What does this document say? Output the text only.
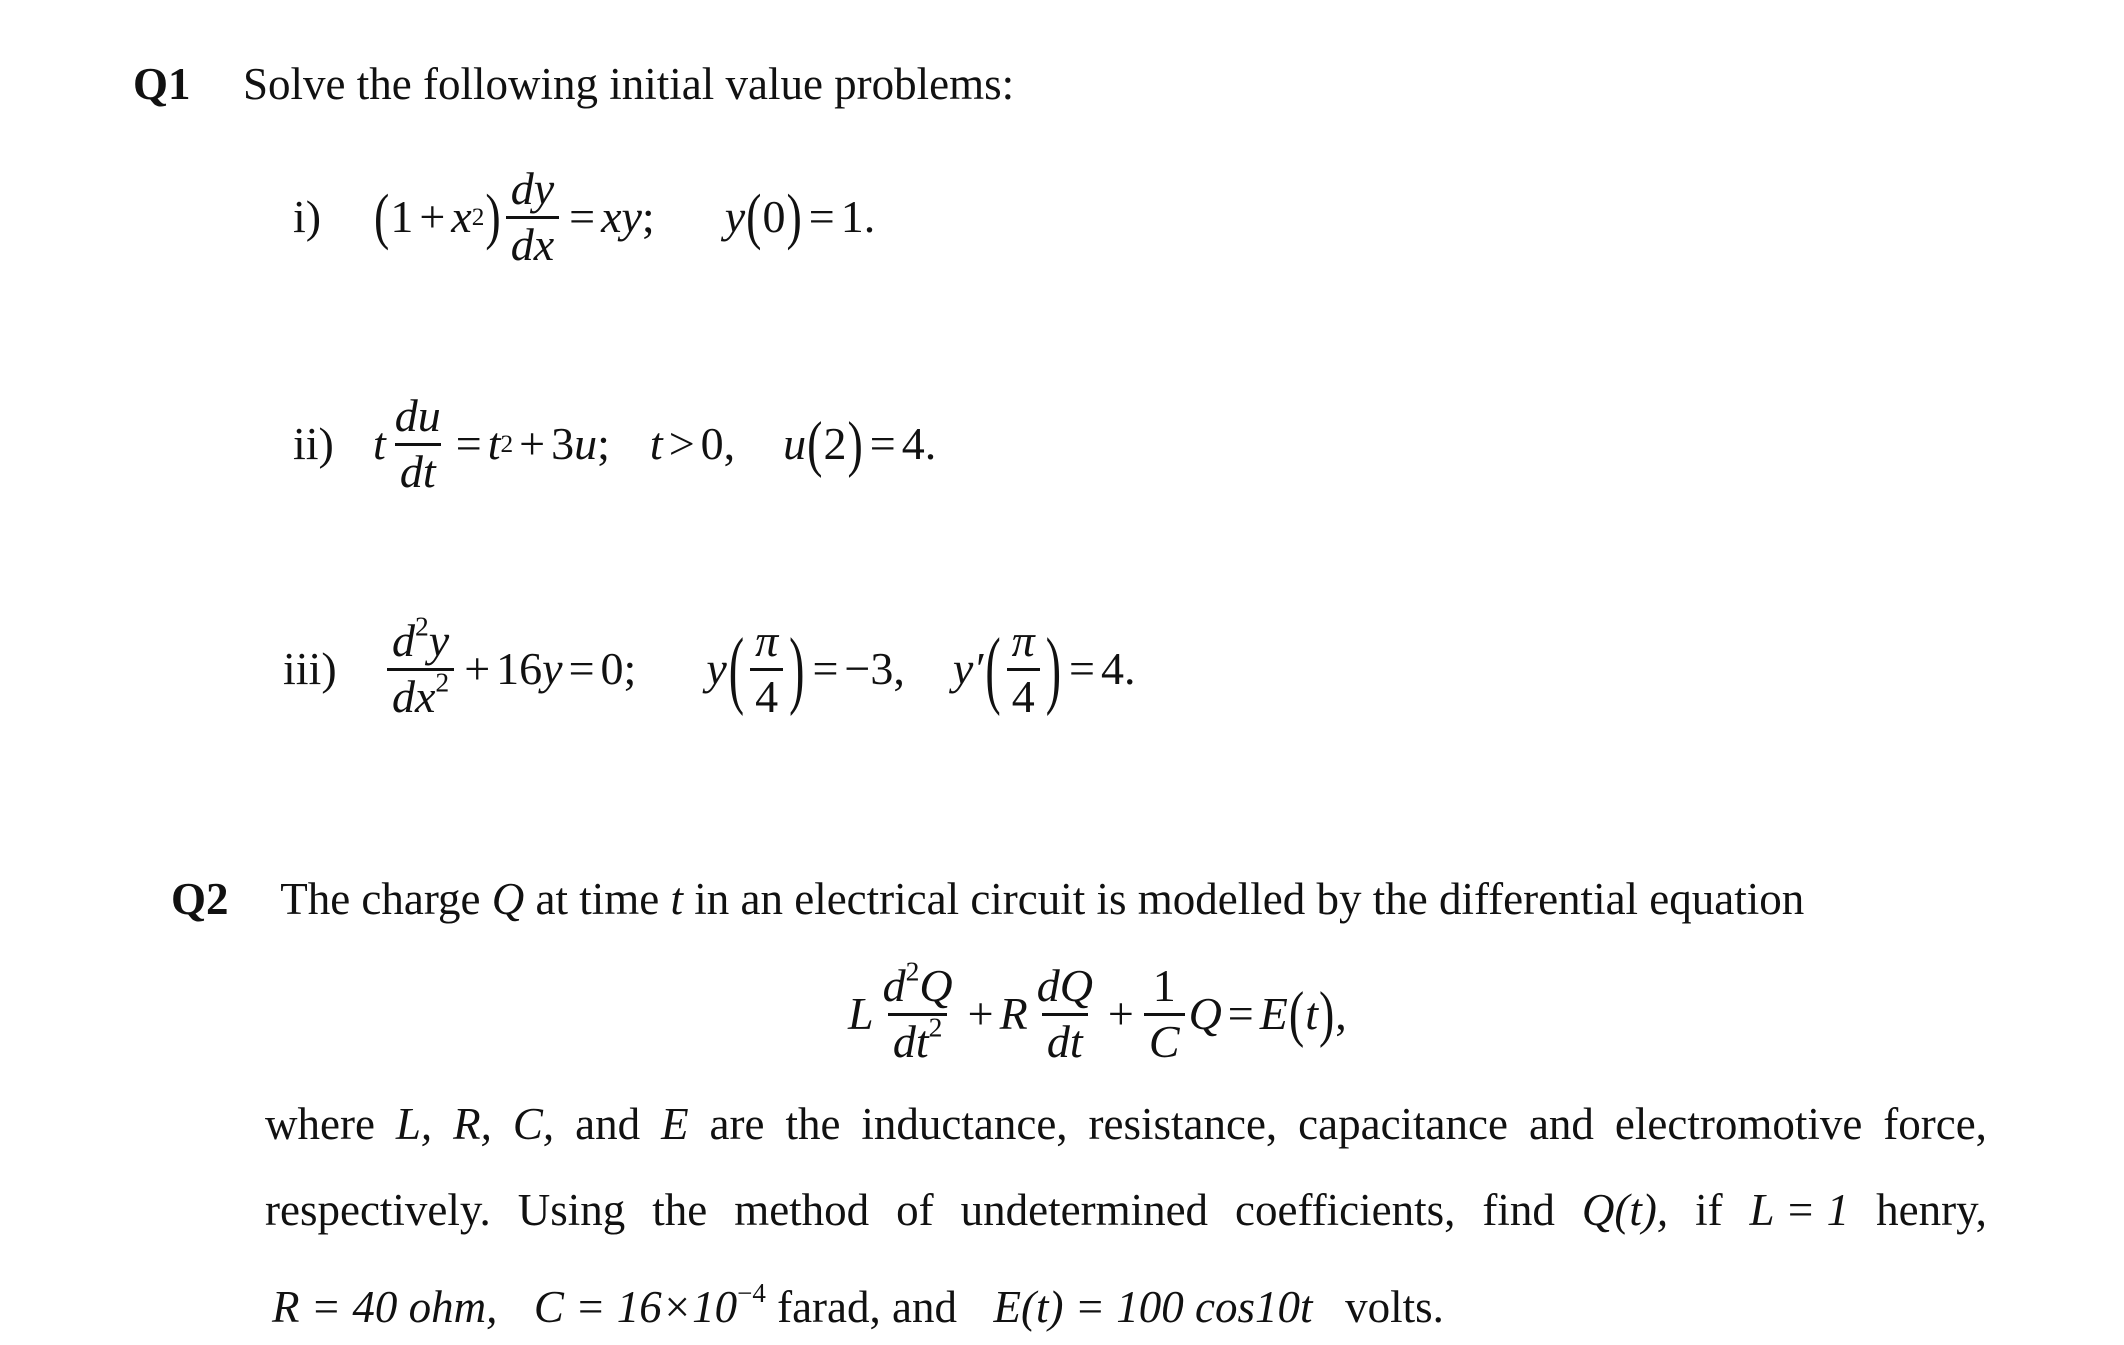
Q1 Solve the following initial value problems:
i)	( 1 + x 2 ) $\frac{dy}{dx}$ = xy ; y ( 0 ) = 1.
ii) t $\frac{du}{dt} = t$ 2 + 3 u ; t > 0, u ( 2 ) = 4.
iii)	$\frac{d^2y}{dx^2} + 16$ y = 0; y ( $\frac{\pi}{4}$ ) = −3, y′ ( $\frac{\pi}{4}$ ) = 4.
Q2 The charge Q at time t in an electrical circuit is modelled by the differential equation
L $\frac{d^2Q}{dt^2} + R \frac{dQ}{dt} + \frac{1}{C}$ Q = E ( t ) ,
where L, R, C, and E are the inductance, resistance, capacitance and electromotive force,
respectively. Using the method of undetermined coefficients, find Q(t), if L = 1 henry,
R = 40 ohm, $C = 16\times 10^{-4}$ farad, and E(t) = 100 cos10t volts.
